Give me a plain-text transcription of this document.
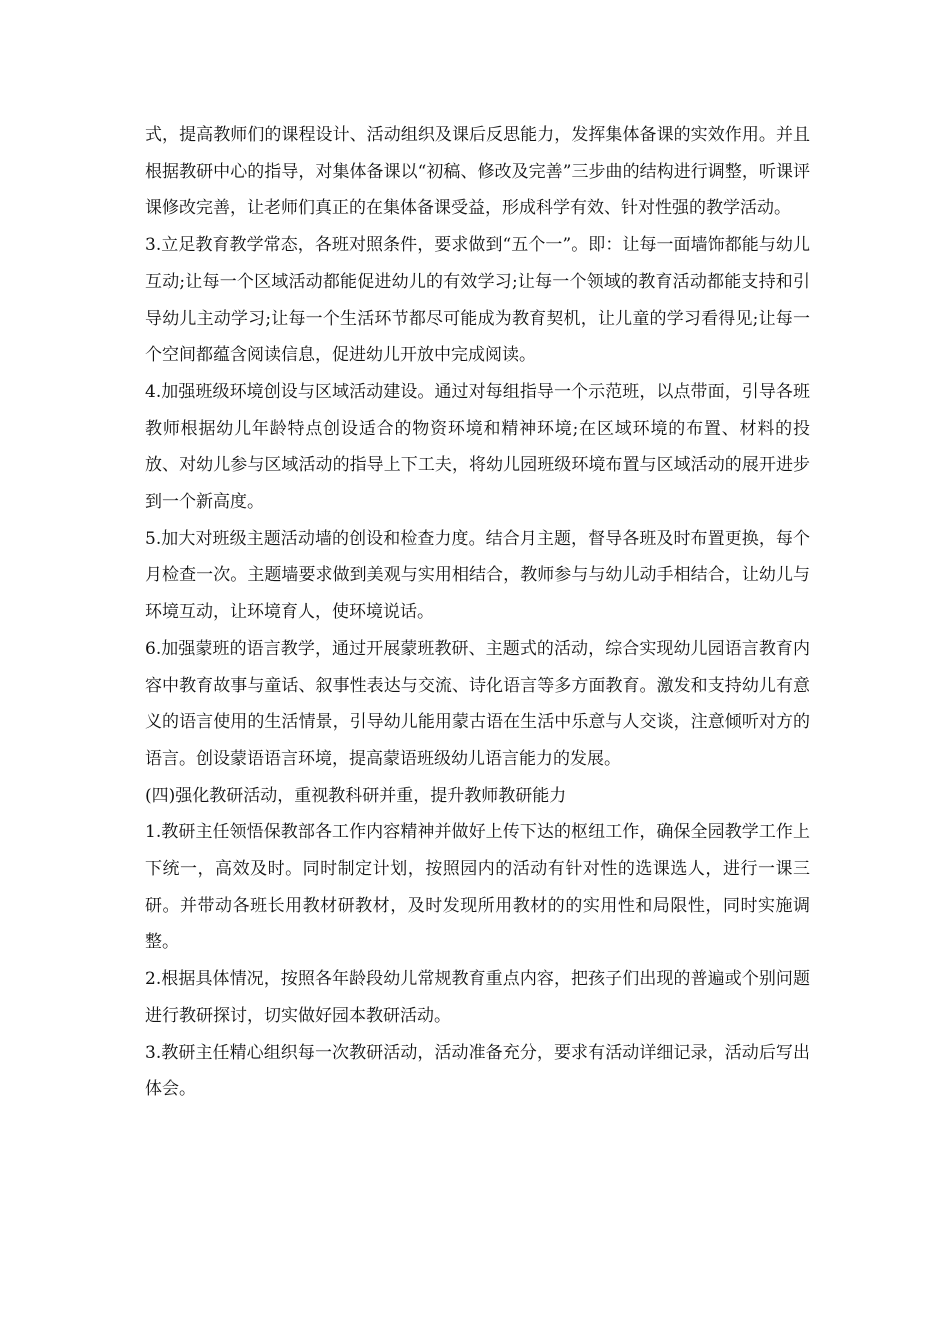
式，提高教师们的课程设计、活动组织及课后反思能力，发挥集体备课的实效作用。并且根据教研中心的指导，对集体备课以“初稿、修改及完善”三步曲的结构进行调整，听课评课修改完善，让老师们真正的在集体备课受益，形成科学有效、针对性强的教学活动。

3.立足教育教学常态，各班对照条件，要求做到“五个一”。即：让每一面墙饰都能与幼儿互动;让每一个区域活动都能促进幼儿的有效学习;让每一个领域的教育活动都能支持和引导幼儿主动学习;让每一个生活环节都尽可能成为教育契机，让儿童的学习看得见;让每一个空间都蕴含阅读信息，促进幼儿开放中完成阅读。

4.加强班级环境创设与区域活动建设。通过对每组指导一个示范班，以点带面，引导各班教师根据幼儿年龄特点创设适合的物资环境和精神环境;在区域环境的布置、材料的投放、对幼儿参与区域活动的指导上下工夫，将幼儿园班级环境布置与区域活动的展开进步到一个新高度。

5.加大对班级主题活动墙的创设和检查力度。结合月主题，督导各班及时布置更换，每个月检查一次。主题墙要求做到美观与实用相结合，教师参与与幼儿动手相结合，让幼儿与环境互动，让环境育人，使环境说话。

6.加强蒙班的语言教学，通过开展蒙班教研、主题式的活动，综合实现幼儿园语言教育内容中教育故事与童话、叙事性表达与交流、诗化语言等多方面教育。激发和支持幼儿有意义的语言使用的生活情景，引导幼儿能用蒙古语在生活中乐意与人交谈，注意倾听对方的语言。创设蒙语语言环境，提高蒙语班级幼儿语言能力的发展。

(四)强化教研活动，重视教科研并重，提升教师教研能力

1.教研主任领悟保教部各工作内容精神并做好上传下达的枢纽工作，确保全园教学工作上下统一，高效及时。同时制定计划，按照园内的活动有针对性的选课选人，进行一课三研。并带动各班长用教材研教材，及时发现所用教材的的实用性和局限性，同时实施调整。

2.根据具体情况，按照各年龄段幼儿常规教育重点内容，把孩子们出现的普遍或个别问题进行教研探讨，切实做好园本教研活动。

3.教研主任精心组织每一次教研活动，活动准备充分，要求有活动详细记录，活动后写出体会。
